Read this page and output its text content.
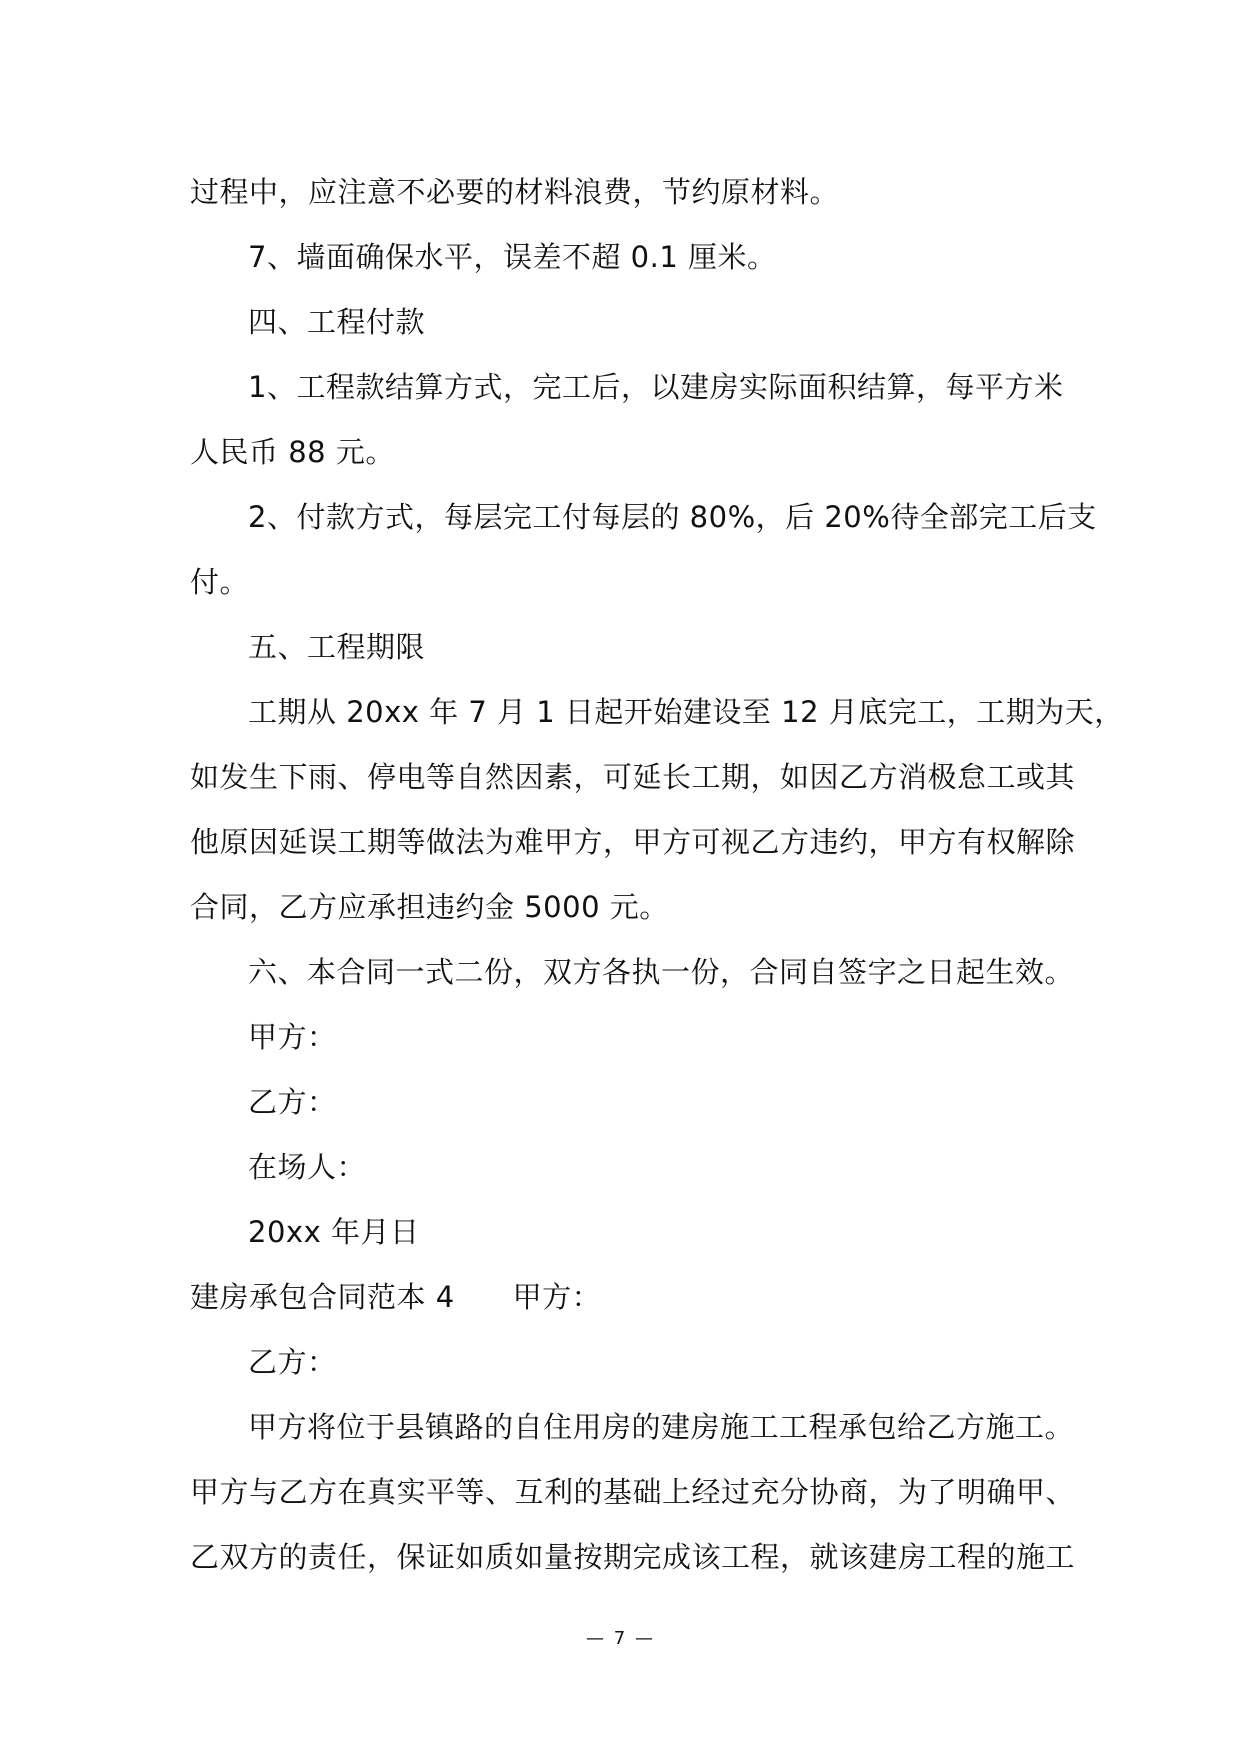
过程中，应注意不必要的材料浪费，节约原材料。
7、墙面确保水平，误差不超 0.1 厘米。
四、工程付款
1、工程款结算方式，完工后，以建房实际面积结算，每平方米
人民币 88 元。
2、付款方式，每层完工付每层的 80%，后 20%待全部完工后支
付。
五、工程期限
工期从 20xx 年 7 月 1 日起开始建设至 12 月底完工，工期为天，
如发生下雨、停电等自然因素，可延长工期，如因乙方消极怠工或其
他原因延误工期等做法为难甲方，甲方可视乙方违约，甲方有权解除
合同，乙方应承担违约金 5000 元。
六、本合同一式二份，双方各执一份，合同自签字之日起生效。
甲方：
乙方：
在场人：
20xx 年月日
建房承包合同范本 4 甲方：
乙方：
甲方将位于县镇路的自住用房的建房施工工程承包给乙方施工。
甲方与乙方在真实平等、互利的基础上经过充分协商，为了明确甲、
乙双方的责任，保证如质如量按期完成该工程，就该建房工程的施工
— 7 —
